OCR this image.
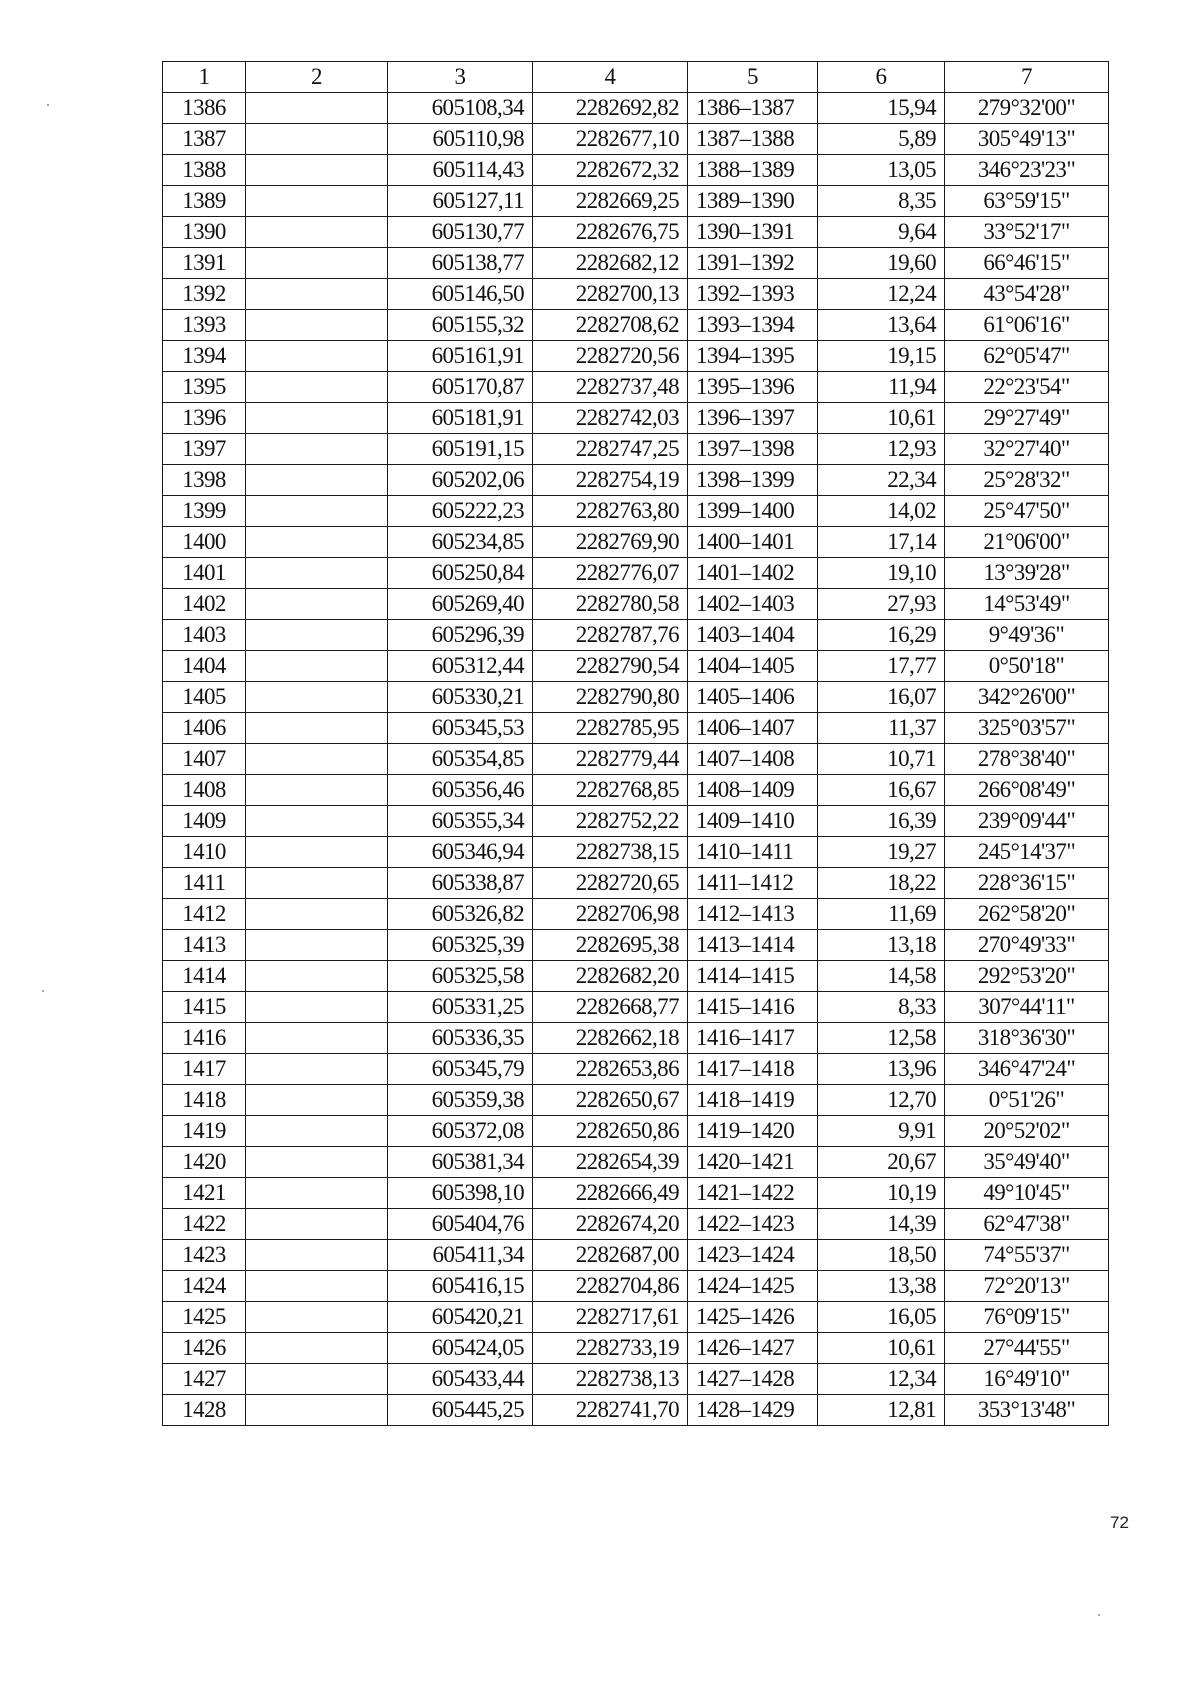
1	2	3	4	5	6	7
1386		605108,34	2282692,82	1386–1387	15,94	279°32'00"
1387		605110,98	2282677,10	1387–1388	5,89	305°49'13"
1388		605114,43	2282672,32	1388–1389	13,05	346°23'23"
1389		605127,11	2282669,25	1389–1390	8,35	63°59'15"
1390		605130,77	2282676,75	1390–1391	9,64	33°52'17"
1391		605138,77	2282682,12	1391–1392	19,60	66°46'15"
1392		605146,50	2282700,13	1392–1393	12,24	43°54'28"
1393		605155,32	2282708,62	1393–1394	13,64	61°06'16"
1394		605161,91	2282720,56	1394–1395	19,15	62°05'47"
1395		605170,87	2282737,48	1395–1396	11,94	22°23'54"
1396		605181,91	2282742,03	1396–1397	10,61	29°27'49"
1397		605191,15	2282747,25	1397–1398	12,93	32°27'40"
1398		605202,06	2282754,19	1398–1399	22,34	25°28'32"
1399		605222,23	2282763,80	1399–1400	14,02	25°47'50"
1400		605234,85	2282769,90	1400–1401	17,14	21°06'00"
1401		605250,84	2282776,07	1401–1402	19,10	13°39'28"
1402		605269,40	2282780,58	1402–1403	27,93	14°53'49"
1403		605296,39	2282787,76	1403–1404	16,29	9°49'36"
1404		605312,44	2282790,54	1404–1405	17,77	0°50'18"
1405		605330,21	2282790,80	1405–1406	16,07	342°26'00"
1406		605345,53	2282785,95	1406–1407	11,37	325°03'57"
1407		605354,85	2282779,44	1407–1408	10,71	278°38'40"
1408		605356,46	2282768,85	1408–1409	16,67	266°08'49"
1409		605355,34	2282752,22	1409–1410	16,39	239°09'44"
1410		605346,94	2282738,15	1410–1411	19,27	245°14'37"
1411		605338,87	2282720,65	1411–1412	18,22	228°36'15"
1412		605326,82	2282706,98	1412–1413	11,69	262°58'20"
1413		605325,39	2282695,38	1413–1414	13,18	270°49'33"
1414		605325,58	2282682,20	1414–1415	14,58	292°53'20"
1415		605331,25	2282668,77	1415–1416	8,33	307°44'11"
1416		605336,35	2282662,18	1416–1417	12,58	318°36'30"
1417		605345,79	2282653,86	1417–1418	13,96	346°47'24"
1418		605359,38	2282650,67	1418–1419	12,70	0°51'26"
1419		605372,08	2282650,86	1419–1420	9,91	20°52'02"
1420		605381,34	2282654,39	1420–1421	20,67	35°49'40"
1421		605398,10	2282666,49	1421–1422	10,19	49°10'45"
1422		605404,76	2282674,20	1422–1423	14,39	62°47'38"
1423		605411,34	2282687,00	1423–1424	18,50	74°55'37"
1424		605416,15	2282704,86	1424–1425	13,38	72°20'13"
1425		605420,21	2282717,61	1425–1426	16,05	76°09'15"
1426		605424,05	2282733,19	1426–1427	10,61	27°44'55"
1427		605433,44	2282738,13	1427–1428	12,34	16°49'10"
1428		605445,25	2282741,70	1428–1429	12,81	353°13'48"
72
